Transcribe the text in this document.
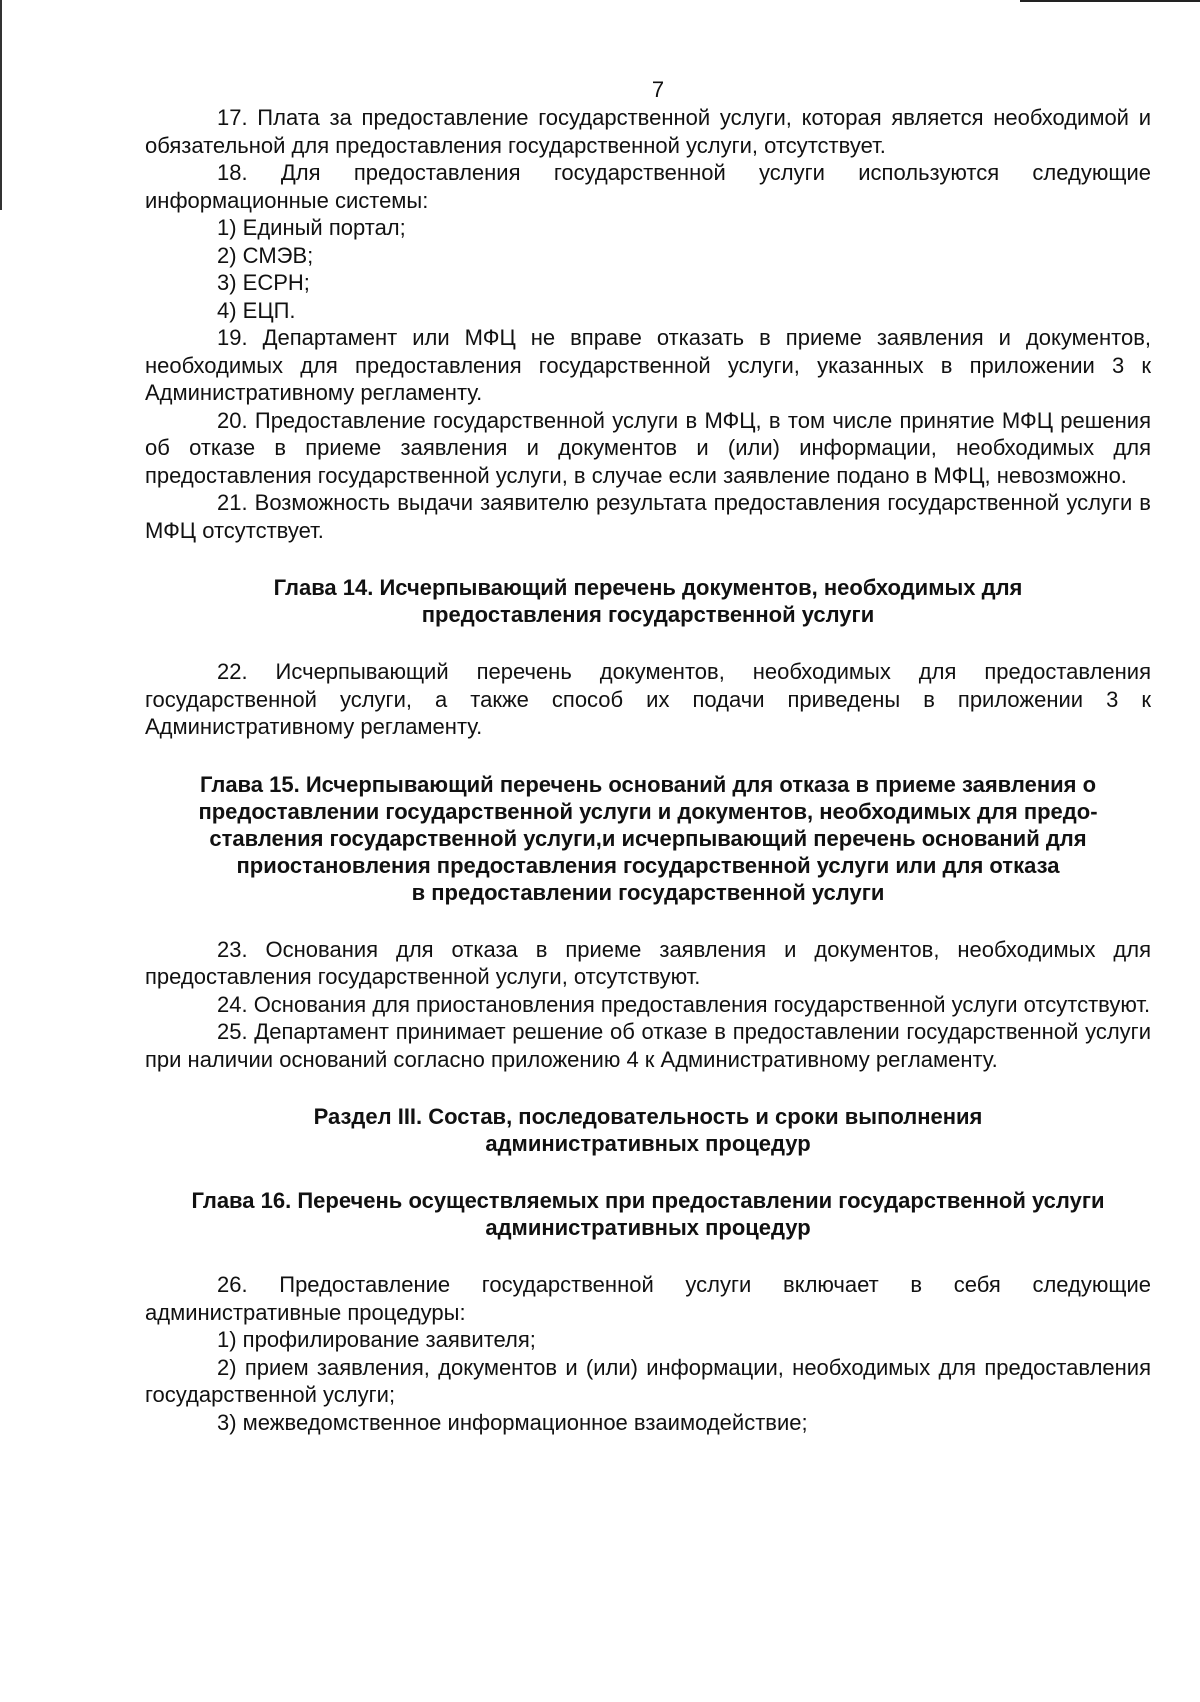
7

17. Плата за предоставление государственной услуги, которая является необходимой и обязательной для предоставления государственной услуги, отсутствует.

18. Для предоставления государственной услуги используются следующие информационные системы:

1) Единый портал;

2) СМЭВ;

3) ЕСРН;

4) ЕЦП.

19. Департамент или МФЦ не вправе отказать в приеме заявления и документов, необходимых для предоставления государственной услуги, указанных в приложении 3 к Административному регламенту.

20. Предоставление государственной услуги в МФЦ, в том числе принятие МФЦ решения об отказе в приеме заявления и документов и (или) информации, необходимых для предоставления государственной услуги, в случае если заявление подано в МФЦ, невозможно.

21. Возможность выдачи заявителю результата предоставления государственной услуги в МФЦ отсутствует.

Глава 14. Исчерпывающий перечень документов, необходимых для
предоставления государственной услуги

22. Исчерпывающий перечень документов, необходимых для предоставления государственной услуги, а также способ их подачи приведены в приложении 3 к Административному регламенту.

Глава 15. Исчерпывающий перечень оснований для отказа в приеме заявления о
предоставлении государственной услуги и документов, необходимых для предо-
ставления государственной услуги,и исчерпывающий перечень оснований для
приостановления предоставления государственной услуги или для отказа
в предоставлении государственной услуги

23. Основания для отказа в приеме заявления и документов, необходимых для предоставления государственной услуги, отсутствуют.

24. Основания для приостановления предоставления государственной услуги отсутствуют.

25. Департамент принимает решение об отказе в предоставлении государственной услуги при наличии оснований согласно приложению 4 к Административному регламенту.

Раздел III. Состав, последовательность и сроки выполнения
административных процедур
Глава 16. Перечень осуществляемых при предоставлении государственной услуги
административных процедур

26. Предоставление государственной услуги включает в себя следующие административные процедуры:

1) профилирование заявителя;

2) прием заявления, документов и (или) информации, необходимых для предоставления государственной услуги;

3) межведомственное информационное взаимодействие;
